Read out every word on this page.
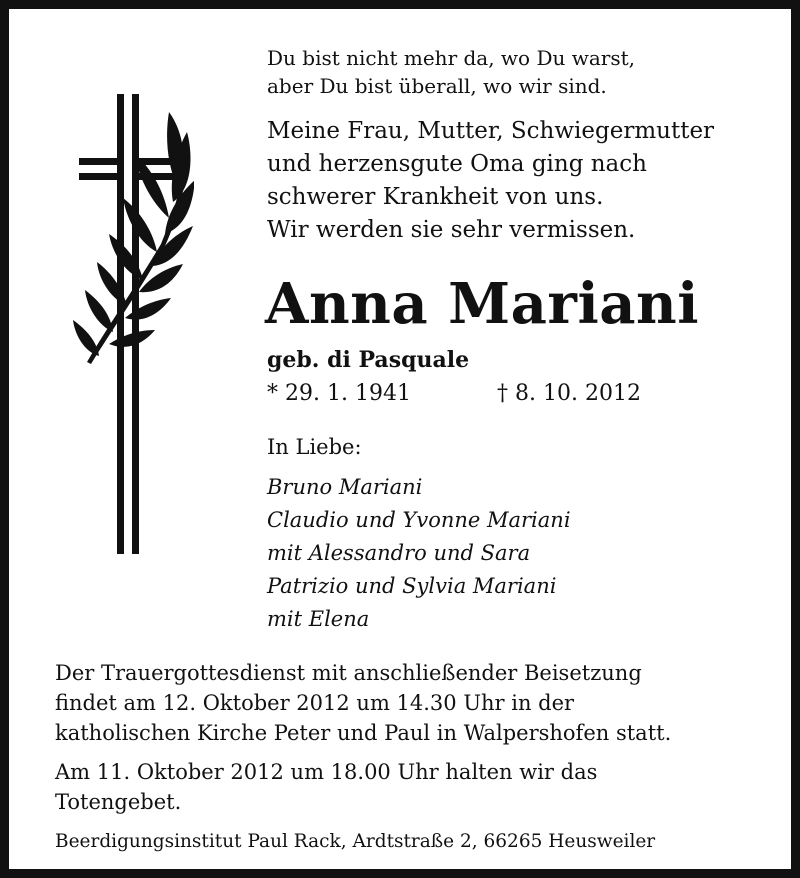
Du bist nicht mehr da, wo Du warst,
aber Du bist überall, wo wir sind.
Meine Frau, Mutter, Schwiegermutter
und herzensgute Oma ging nach
schwerer Krankheit von uns.
Wir werden sie sehr vermissen.
Anna Mariani
geb. di Pasquale
* 29. 1. 1941	† 8. 10. 2012
In Liebe:
Bruno Mariani
Claudio und Yvonne Mariani
mit Alessandro und Sara
Patrizio und Sylvia Mariani
mit Elena
Der Trauergottesdienst mit anschließender Beisetzung
findet am 12. Oktober 2012 um 14.30 Uhr in der
katholischen Kirche Peter und Paul in Walpershofen statt.
Am 11. Oktober 2012 um 18.00 Uhr halten wir das
Totengebet.
Beerdigungsinstitut Paul Rack, Ardtstraße 2, 66265 Heusweiler
